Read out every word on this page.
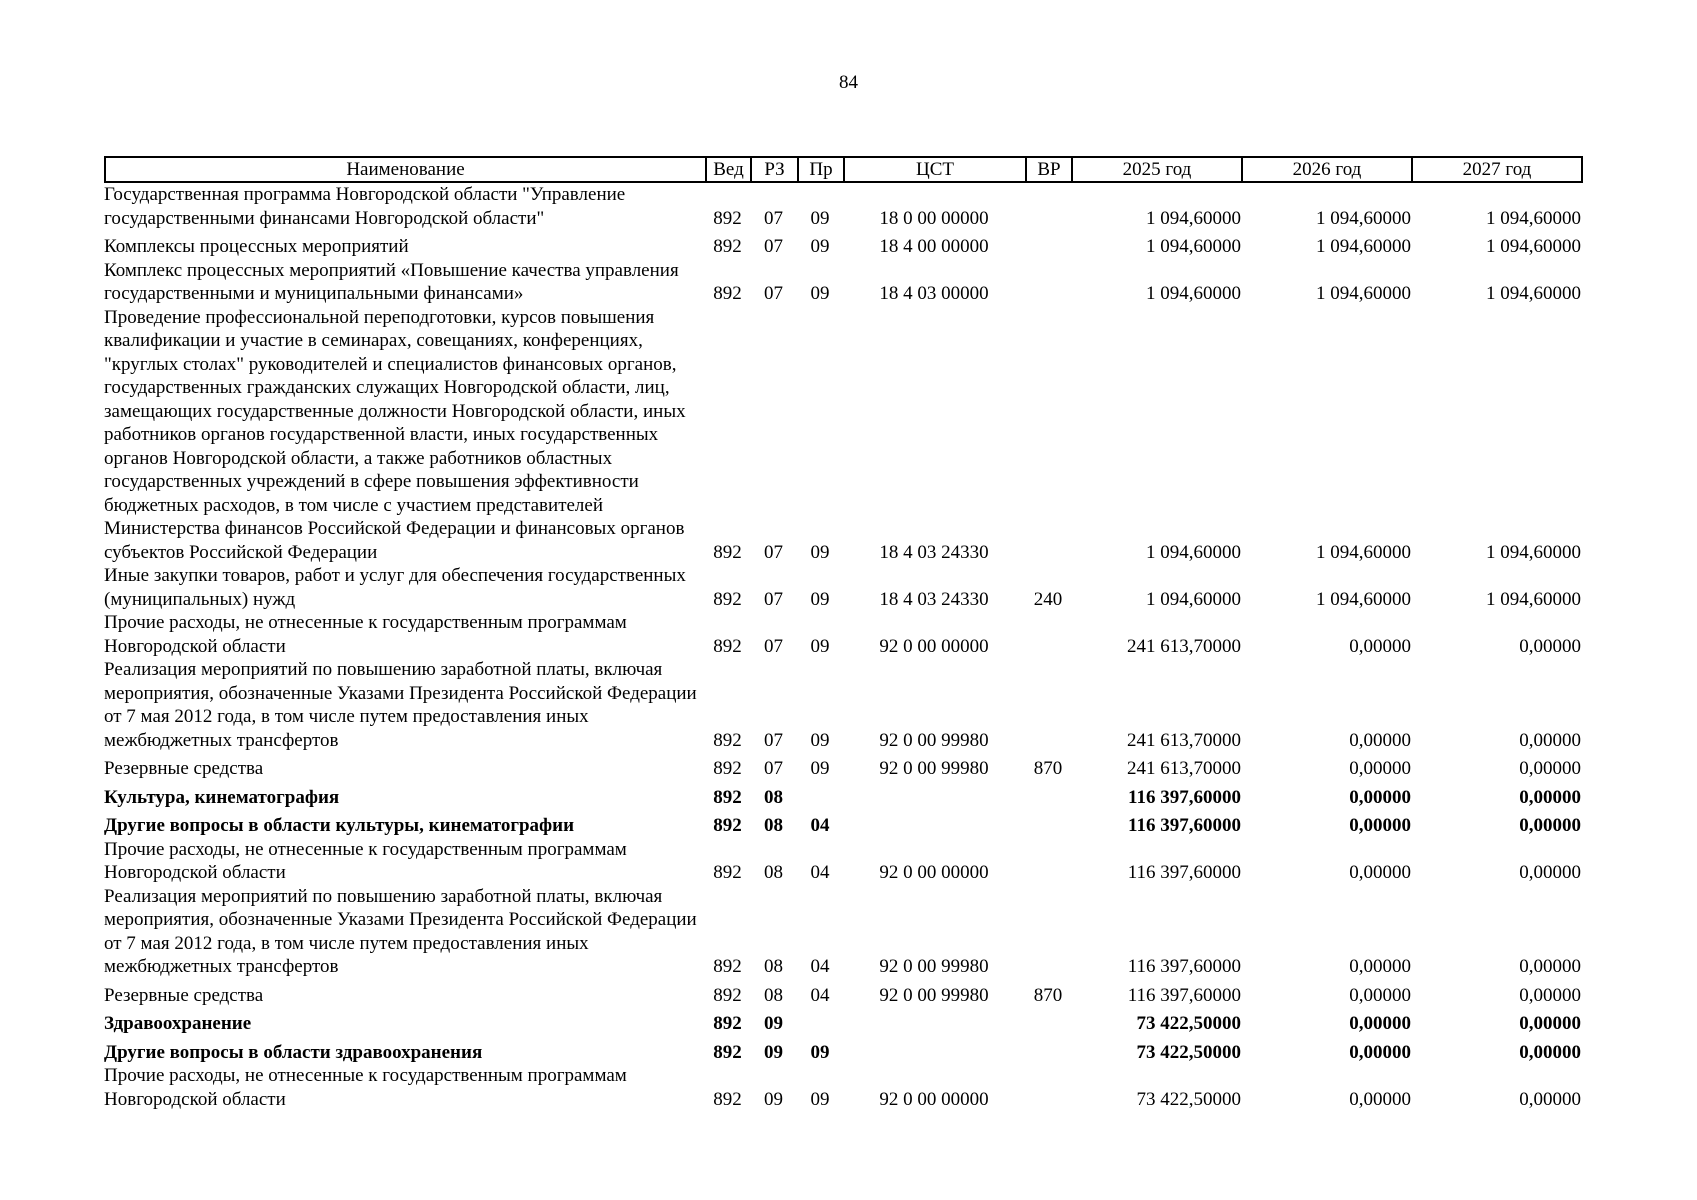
84
Наименование	Вед	РЗ	Пр	ЦСТ	ВР	2025 год	2026 год	2027 год
Государственная программа Новгородской области "Управление государственными финансами Новгородской области"	892	07	09	18 0 00 00000		1 094,60000	1 094,60000	1 094,60000

Комплексы процессных мероприятий	892	07	09	18 4 00 00000		1 094,60000	1 094,60000	1 094,60000
Комплекс процессных мероприятий «Повышение качества управления государственными и муниципальными финансами»	892	07	09	18 4 03 00000		1 094,60000	1 094,60000	1 094,60000
Проведение профессиональной переподготовки, курсов повышения квалификации и участие в семинарах, совещаниях, конференциях, "круглых столах" руководителей и специалистов финансовых органов, государственных гражданских служащих Новгородской области, лиц, замещающих государственные должности Новгородской области, иных работников органов государственной власти, иных государственных органов Новгородской области, а также работников областных государственных учреждений в сфере повышения эффективности бюджетных расходов, в том числе с участием представителей Министерства финансов Российской Федерации и финансовых органов субъектов Российской Федерации	892	07	09	18 4 03 24330		1 094,60000	1 094,60000	1 094,60000
Иные закупки товаров, работ и услуг для обеспечения государственных (муниципальных) нужд	892	07	09	18 4 03 24330	240	1 094,60000	1 094,60000	1 094,60000
Прочие расходы, не отнесенные к государственным программам Новгородской области	892	07	09	92 0 00 00000		241 613,70000	0,00000	0,00000
Реализация мероприятий по повышению заработной платы, включая мероприятия, обозначенные Указами Президента Российской Федерации от 7 мая 2012 года, в том числе путем предоставления иных межбюджетных трансфертов	892	07	09	92 0 00 99980		241 613,70000	0,00000	0,00000

Резервные средства	892	07	09	92 0 00 99980	870	241 613,70000	0,00000	0,00000

Культура, кинематография	892	08				116 397,60000	0,00000	0,00000

Другие вопросы в области культуры, кинематографии	892	08	04			116 397,60000	0,00000	0,00000
Прочие расходы, не отнесенные к государственным программам Новгородской области	892	08	04	92 0 00 00000		116 397,60000	0,00000	0,00000
Реализация мероприятий по повышению заработной платы, включая мероприятия, обозначенные Указами Президента Российской Федерации от 7 мая 2012 года, в том числе путем предоставления иных межбюджетных трансфертов	892	08	04	92 0 00 99980		116 397,60000	0,00000	0,00000

Резервные средства	892	08	04	92 0 00 99980	870	116 397,60000	0,00000	0,00000

Здравоохранение	892	09				73 422,50000	0,00000	0,00000

Другие вопросы в области здравоохранения	892	09	09			73 422,50000	0,00000	0,00000
Прочие расходы, не отнесенные к государственным программам Новгородской области	892	09	09	92 0 00 00000		73 422,50000	0,00000	0,00000
